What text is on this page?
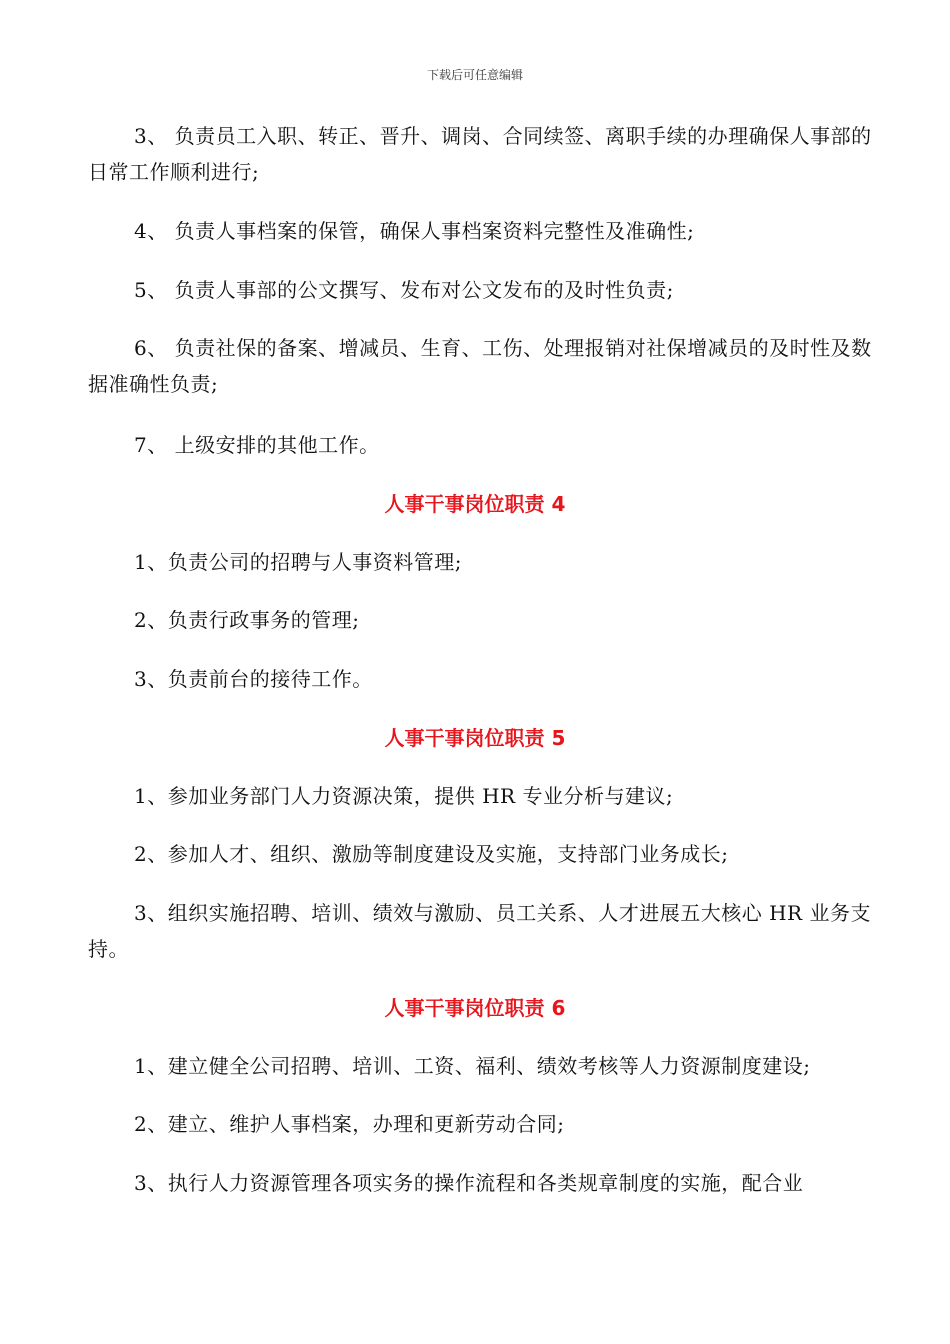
下载后可任意编辑
3、 负责员工入职、转正、晋升、调岗、合同续签、离职手续的办理确保人事部的日常工作顺利进行;
4、 负责人事档案的保管，确保人事档案资料完整性及准确性;
5、 负责人事部的公文撰写、发布对公文发布的及时性负责;
6、 负责社保的备案、增减员、生育、工伤、处理报销对社保增减员的及时性及数据准确性负责;
7、 上级安排的其他工作。
人事干事岗位职责 4
1、负责公司的招聘与人事资料管理;
2、负责行政事务的管理;
3、负责前台的接待工作。
人事干事岗位职责 5
1、参加业务部门人力资源决策，提供 HR 专业分析与建议;
2、参加人才、组织、激励等制度建设及实施，支持部门业务成长;
3、组织实施招聘、培训、绩效与激励、员工关系、人才进展五大核心 HR 业务支持。
人事干事岗位职责 6
1、建立健全公司招聘、培训、工资、福利、绩效考核等人力资源制度建设;
2、建立、维护人事档案，办理和更新劳动合同;
3、执行人力资源管理各项实务的操作流程和各类规章制度的实施，配合业
